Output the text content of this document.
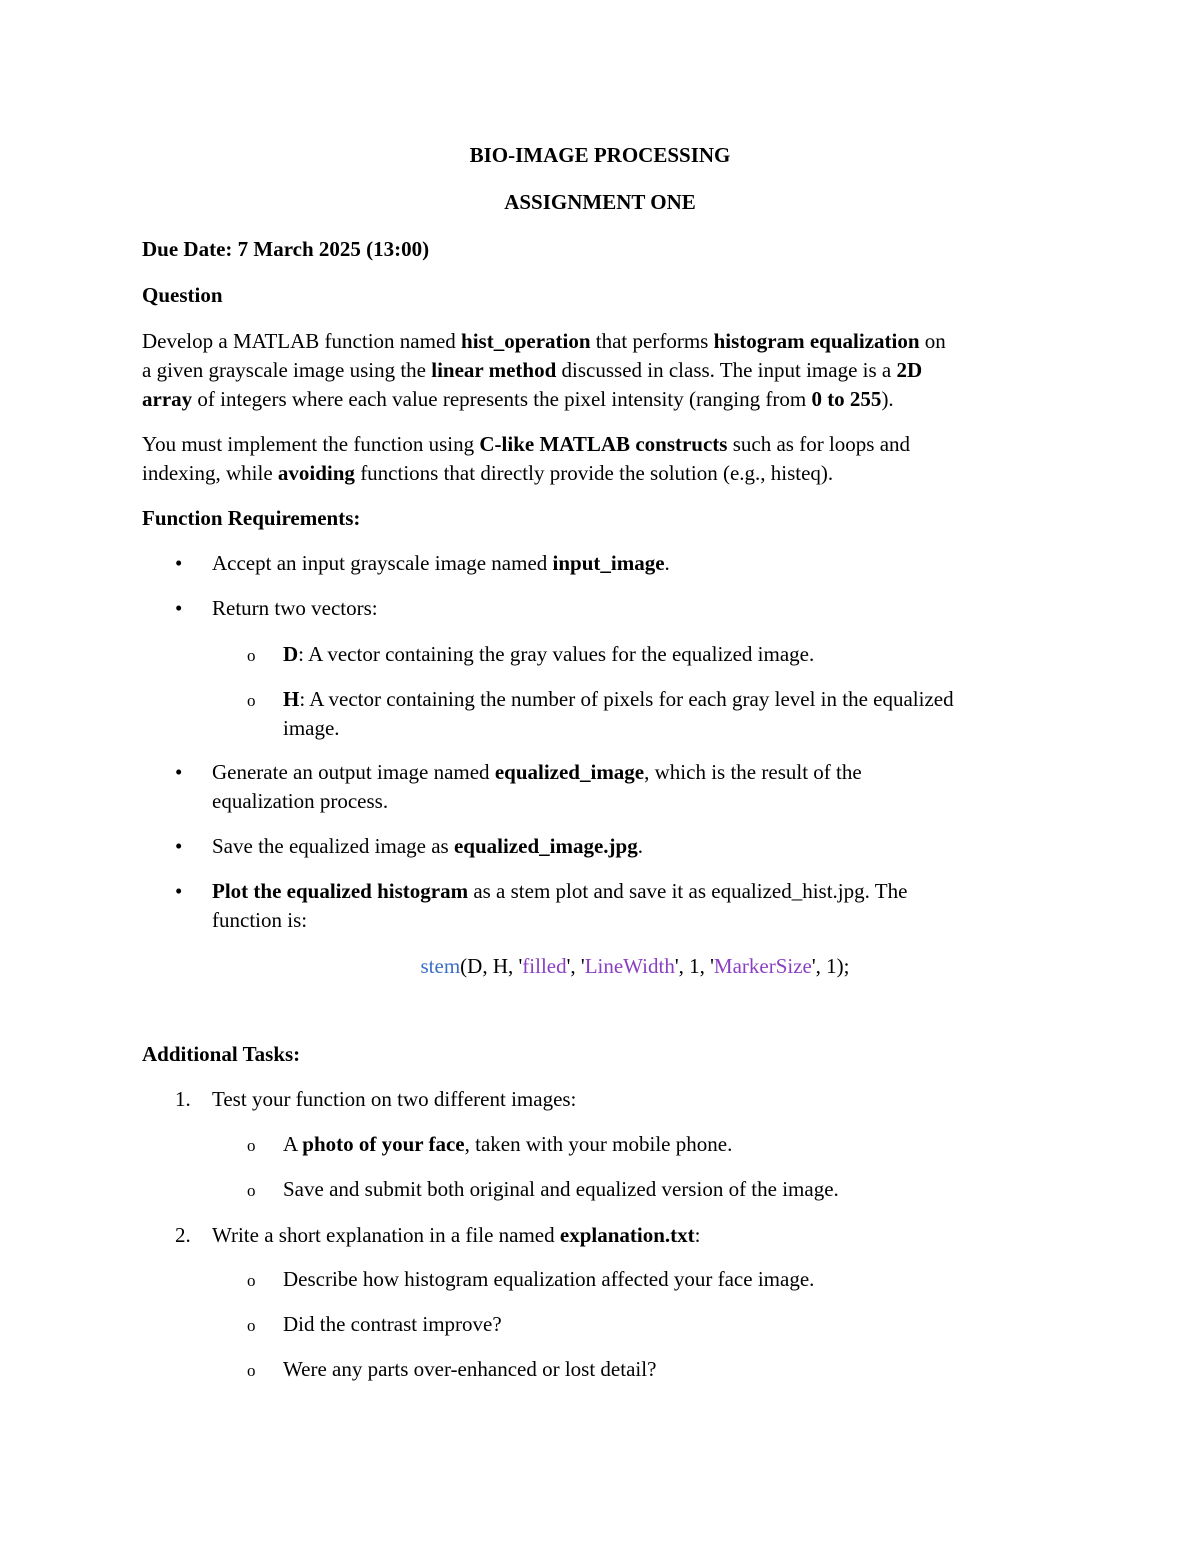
BIO-IMAGE PROCESSING
ASSIGNMENT ONE
Due Date: 7 March 2025 (13:00)
Question
Develop a MATLAB function named hist_operation that performs histogram equalization on
a given grayscale image using the linear method discussed in class. The input image is a 2D
array of integers where each value represents the pixel intensity (ranging from 0 to 255).
You must implement the function using C-like MATLAB constructs such as for loops and
indexing, while avoiding functions that directly provide the solution (e.g., histeq).
Function Requirements:
•	Accept an input grayscale image named input_image.
•	Return two vectors:
o	D: A vector containing the gray values for the equalized image.
o	H: A vector containing the number of pixels for each gray level in the equalized
image.
•	Generate an output image named equalized_image, which is the result of the
equalization process.
•	Save the equalized image as equalized_image.jpg.
•	Plot the equalized histogram as a stem plot and save it as equalized_hist.jpg. The
function is:
stem(D, H, 'filled', 'LineWidth', 1, 'MarkerSize', 1);
Additional Tasks:
1. Test your function on two different images:
o	A photo of your face, taken with your mobile phone.
o	Save and submit both original and equalized version of the image.
2. Write a short explanation in a file named explanation.txt:
o	Describe how histogram equalization affected your face image.
o	Did the contrast improve?
o	Were any parts over-enhanced or lost detail?
